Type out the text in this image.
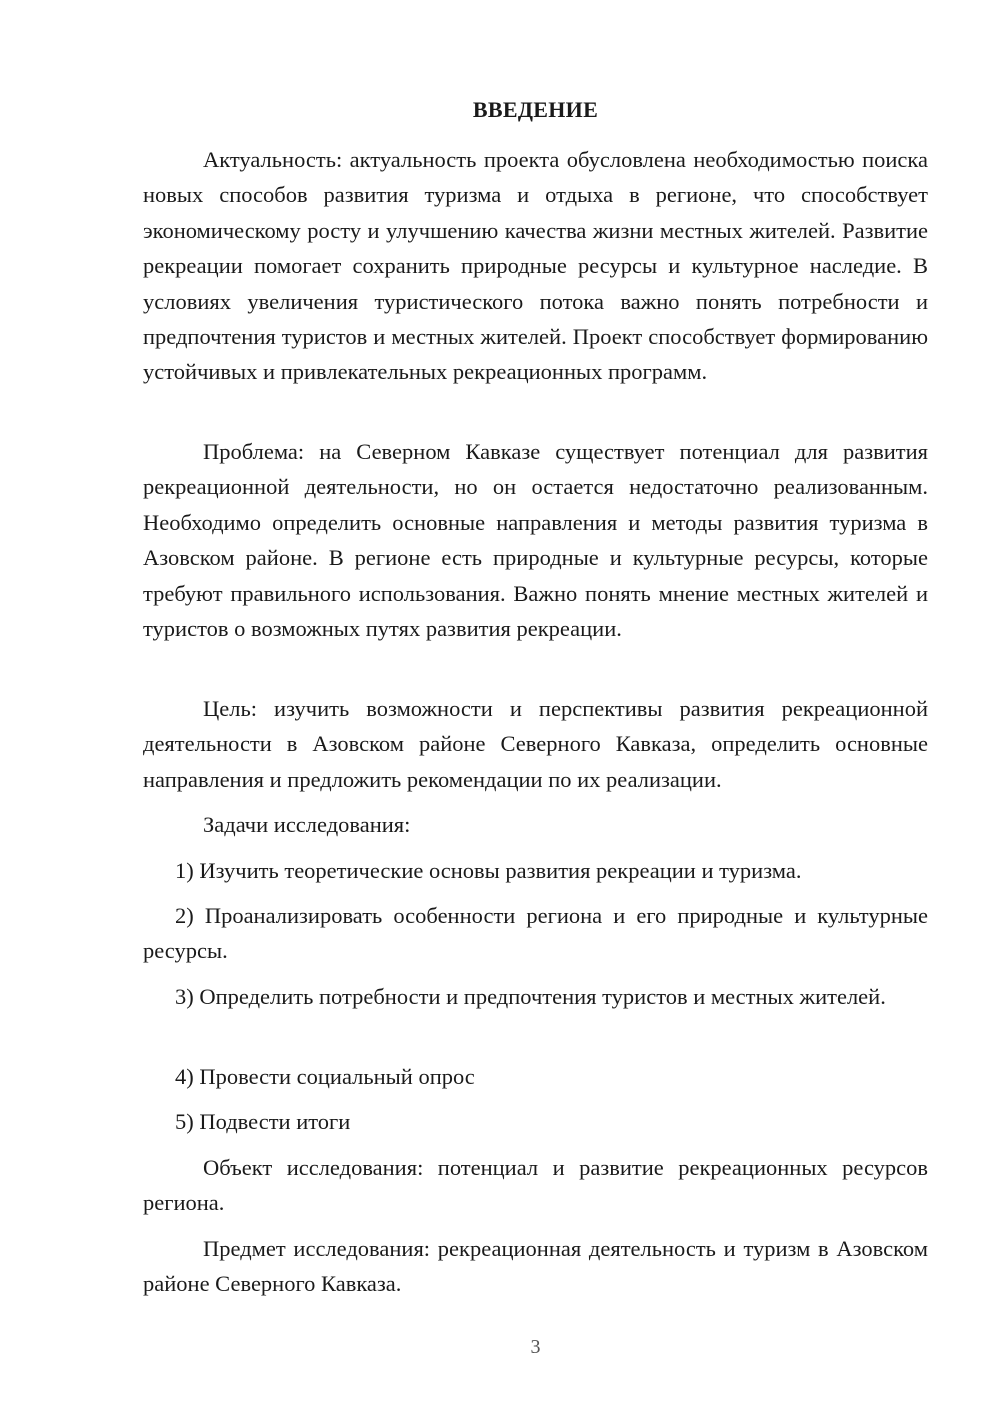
ВВЕДЕНИЕ

Актуальность: актуальность проекта обусловлена необходимостью поиска новых способов развития туризма и отдыха в регионе, что способствует экономическому росту и улучшению качества жизни местных жителей. Развитие рекреации помогает сохранить природные ресурсы и культурное наследие. В условиях увеличения туристического потока важно понять потребности и предпочтения туристов и местных жителей. Проект способствует формированию устойчивых и привлекательных рекреационных программ.

Проблема: на Северном Кавказе существует потенциал для развития рекреационной деятельности, но он остается недостаточно реализованным. Необходимо определить основные направления и методы развития туризма в Азовском районе. В регионе есть природные и культурные ресурсы, которые требуют правильного использования. Важно понять мнение местных жителей и туристов о возможных путях развития рекреации.

Цель: изучить возможности и перспективы развития рекреационной деятельности в Азовском районе Северного Кавказа, определить основные направления и предложить рекомендации по их реализации.

Задачи исследования:

1) Изучить теоретические основы развития рекреации и туризма.

2) Проанализировать особенности региона и его природные и культурные ресурсы.

3) Определить потребности и предпочтения туристов и местных жителей.

4) Провести социальный опрос

5) Подвести итоги

Объект исследования: потенциал и развитие рекреационных ресурсов региона.

Предмет исследования: рекреационная деятельность и туризм в Азовском районе Северного Кавказа.

3
